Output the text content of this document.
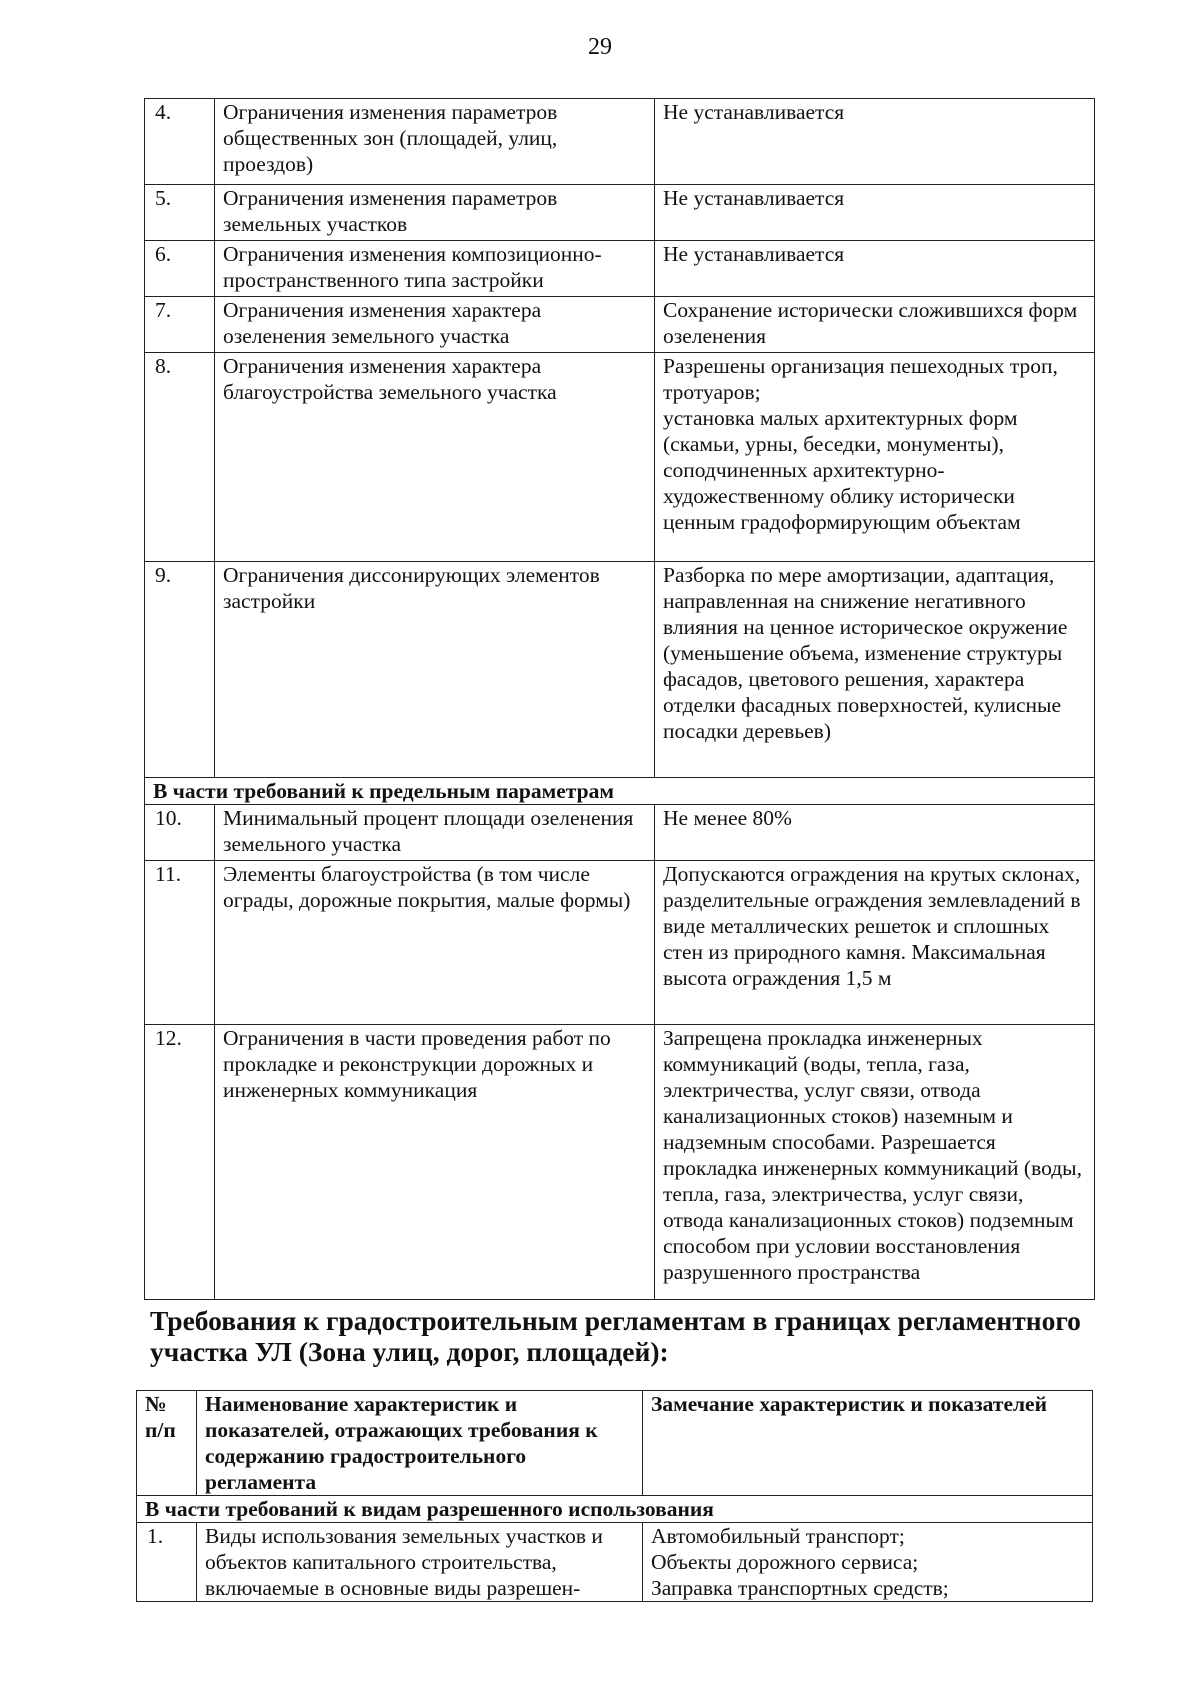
29
4.	Ограничения изменения параметров общественных зон (площадей, улиц, проездов)	Не устанавливается

5.	Ограничения изменения параметров земельных участков	Не устанавливается

6.	Ограничения изменения композиционно-пространственного типа застройки	Не устанавливается

7.	Ограничения изменения характера озеленения земельного участка	Сохранение исторически сложившихся форм озеленения

8.	Ограничения изменения характера благоустройства земельного участка	Разрешены организация пешеходных троп, тротуаров;
установка малых архитектурных форм (скамьи, урны, беседки, монументы), соподчиненных архитектурно-художественному облику исторически ценным градоформирующим объектам

9.	Ограничения диссонирующих элементов застройки	Разборка по мере амортизации, адаптация, направленная на снижение негативного влияния на ценное историческое окружение (уменьшение объема, изменение структуры фасадов, цветового решения, характера отделки фасадных поверхностей, кулисные посадки деревьев)

В части требований к предельным параметрам		
10.	Минимальный процент площади озеленения земельного участка	Не менее 80%

11.	Элементы благоустройства (в том числе ограды, дорожные покрытия, малые формы)	Допускаются ограждения на крутых склонах, разделительные ограждения землевладений в виде металлических решеток и сплошных стен из природного камня. Максимальная высота ограждения 1,5 м

12.	Ограничения в части проведения работ по прокладке и реконструкции дорожных и инженерных коммуникация	Запрещена прокладка инженерных коммуникаций (воды, тепла, газа, электричества, услуг связи, отвода канализационных стоков) наземным и надземным способами. Разрешается прокладка инженерных коммуникаций (воды, тепла, газа, электричества, услуг связи, отвода канализационных стоков) подземным способом при условии восстановления разрушенного пространства
Требования к градостроительным регламентам в границах регламентного участка УЛ (Зона улиц, дорог, площадей):
№ п/п	Наименование характеристик и показателей, отражающих требования к содержанию градостроительного регламента	Замечание характеристик и показателей
В части требований к видам разрешенного использования		
1.	Виды использования земельных участков и объектов капитального строительства, включаемые в основные виды разрешен-	Автомобильный транспорт;
Объекты дорожного сервиса;
Заправка транспортных средств;
